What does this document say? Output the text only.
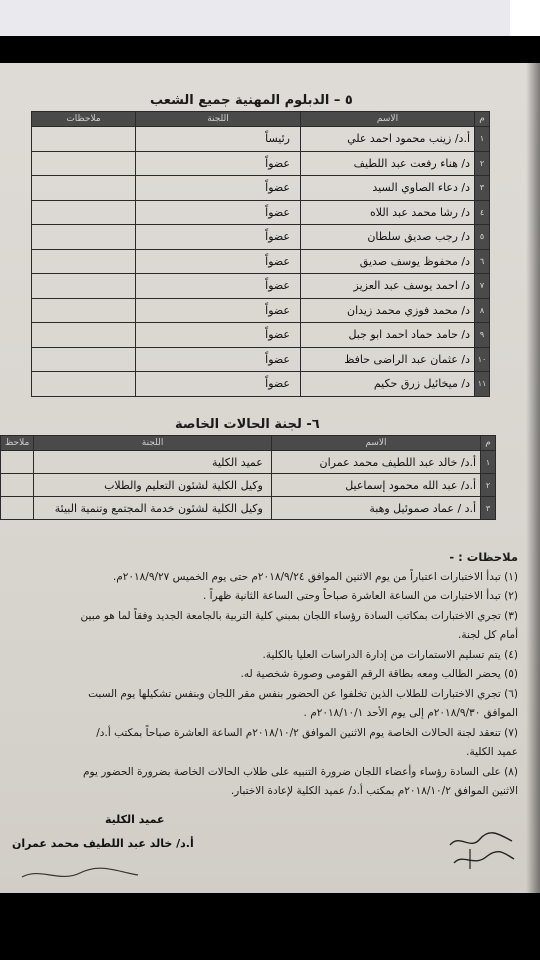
٥ – الدبلوم المهنية جميع الشعب
م	الاسم	اللجنة	ملاحظات
١	أ.د/ زينب محمود احمد علي	رئيساً	
٢	د/ هناء رفعت عبد اللطيف	عضواً	
٣	د/ دعاء الصاوي السيد	عضواً	
٤	د/ رشا محمد عبد اللاه	عضواً	
٥	د/ رجب صديق سلطان	عضواً	
٦	د/ محفوظ يوسف صديق	عضواً	
٧	د/ احمد يوسف عبد العزيز	عضواً	
٨	د/ محمد فوزي محمد زيدان	عضواً	
٩	د/ حامد حماد احمد ابو جبل	عضواً	
١٠	د/ عثمان عبد الراضى حافظ	عضواً	
١١	د/ ميخائيل زرق حكيم	عضواً	
٦- لجنة الحالات الخاصة
م	الاسم	اللجنة	ملاحظ
١	أ.د/ خالد عبد اللطيف محمد عمران	عميد الكلية	
٢	أ.د/ عبد الله محمود إسماعيل	وكيل الكلية لشئون التعليم والطلاب	
٣	أ.د / عماد صموئيل وهبة	وكيل الكلية لشئون خدمة المجتمع وتنمية البيئة	

ملاحظات : -

(١) تبدأ الاختبارات اعتباراً من يوم الاثنين الموافق ٢٠١٨/٩/٢٤م حتى يوم الخميس ٢٠١٨/٩/٢٧م.

(٢) تبدأ الاختبارات من الساعة العاشرة صباحاً وحتى الساعة الثانية ظهراً .

(٣) تجري الاختبارات بمكاتب السادة رؤساء اللجان بمبني كلية التربية بالجامعة الجديد وفقاً لما هو مبين

أمام كل لجنة.

(٤) يتم تسليم الاستمارات من إدارة الدراسات العليا بالكلية.

(٥) يحضر الطالب ومعه بطاقة الرقم القومى وصورة شخصية له.

(٦) تجري الاختبارات للطلاب الذين تخلفوا عن الحضور بنفس مقر اللجان وبنفس تشكيلها يوم السبت

الموافق ٢٠١٨/٩/٣٠م إلى يوم الأحد ٢٠١٨/١٠/١م .

(٧) تنعقد لجنة الحالات الخاصة يوم الاثنين الموافق ٢٠١٨/١٠/٢م الساعة العاشرة صباحاً بمكتب أ.د/

عميد الكلية.

(٨) على السادة رؤساء وأعضاء اللجان ضرورة التنبيه على طلاب الحالات الخاصة بضرورة الحضور يوم

الاثنين الموافق ٢٠١٨/١٠/٢م بمكتب أ.د/ عميد الكلية لإعادة الاختبار.

عميد الكلية
أ.د/ خالد عبد اللطيف محمد عمران
